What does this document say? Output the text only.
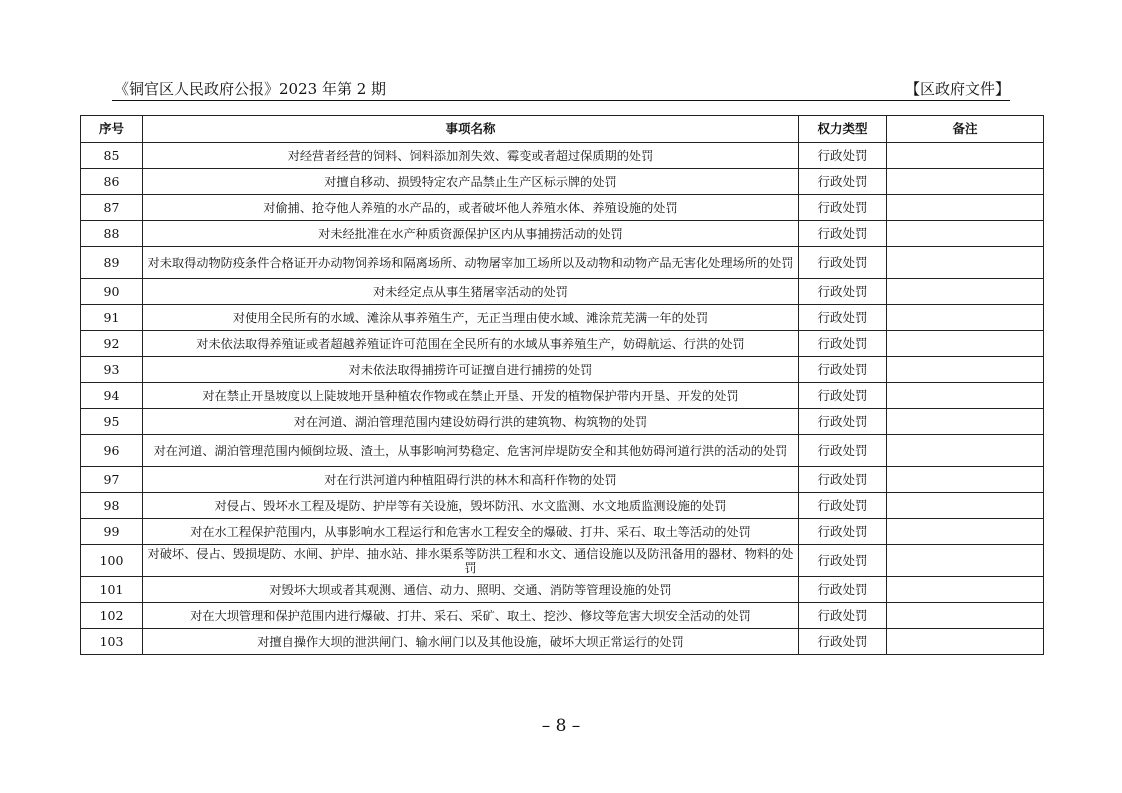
《铜官区人民政府公报》2023 年第 2 期	【区政府文件】
序号	事项名称	权力类型	备注
85	对经营者经营的饲料、饲料添加剂失效、霉变或者超过保质期的处罚	行政处罚	
86	对擅自移动、损毁特定农产品禁止生产区标示牌的处罚	行政处罚	
87	对偷捕、抢夺他人养殖的水产品的，或者破坏他人养殖水体、养殖设施的处罚	行政处罚	
88	对未经批准在水产种质资源保护区内从事捕捞活动的处罚	行政处罚	
89	对未取得动物防疫条件合格证开办动物饲养场和隔离场所、动物屠宰加工场所以及动物和动物产品无害化处理场所的处罚	行政处罚	
90	对未经定点从事生猪屠宰活动的处罚	行政处罚	
91	对使用全民所有的水域、滩涂从事养殖生产，无正当理由使水域、滩涂荒芜满一年的处罚	行政处罚	
92	对未依法取得养殖证或者超越养殖证许可范围在全民所有的水域从事养殖生产，妨碍航运、行洪的处罚	行政处罚	
93	对未依法取得捕捞许可证擅自进行捕捞的处罚	行政处罚	
94	对在禁止开垦坡度以上陡坡地开垦种植农作物或在禁止开垦、开发的植物保护带内开垦、开发的处罚	行政处罚	
95	对在河道、湖泊管理范围内建设妨碍行洪的建筑物、构筑物的处罚	行政处罚	
96	对在河道、湖泊管理范围内倾倒垃圾、渣土，从事影响河势稳定、危害河岸堤防安全和其他妨碍河道行洪的活动的处罚	行政处罚	
97	对在行洪河道内种植阻碍行洪的林木和高秆作物的处罚	行政处罚	
98	对侵占、毁坏水工程及堤防、护岸等有关设施，毁坏防汛、水文监测、水文地质监测设施的处罚	行政处罚	
99	对在水工程保护范围内，从事影响水工程运行和危害水工程安全的爆破、打井、采石、取土等活动的处罚	行政处罚	
100	对破坏、侵占、毁损堤防、水闸、护岸、抽水站、排水渠系等防洪工程和水文、通信设施以及防汛备用的器材、物料的处罚	行政处罚	
101	对毁坏大坝或者其观测、通信、动力、照明、交通、消防等管理设施的处罚	行政处罚	
102	对在大坝管理和保护范围内进行爆破、打井、采石、采矿、取土、挖沙、修坟等危害大坝安全活动的处罚	行政处罚	
103	对擅自操作大坝的泄洪闸门、输水闸门以及其他设施，破坏大坝正常运行的处罚	行政处罚	
– 8 –
